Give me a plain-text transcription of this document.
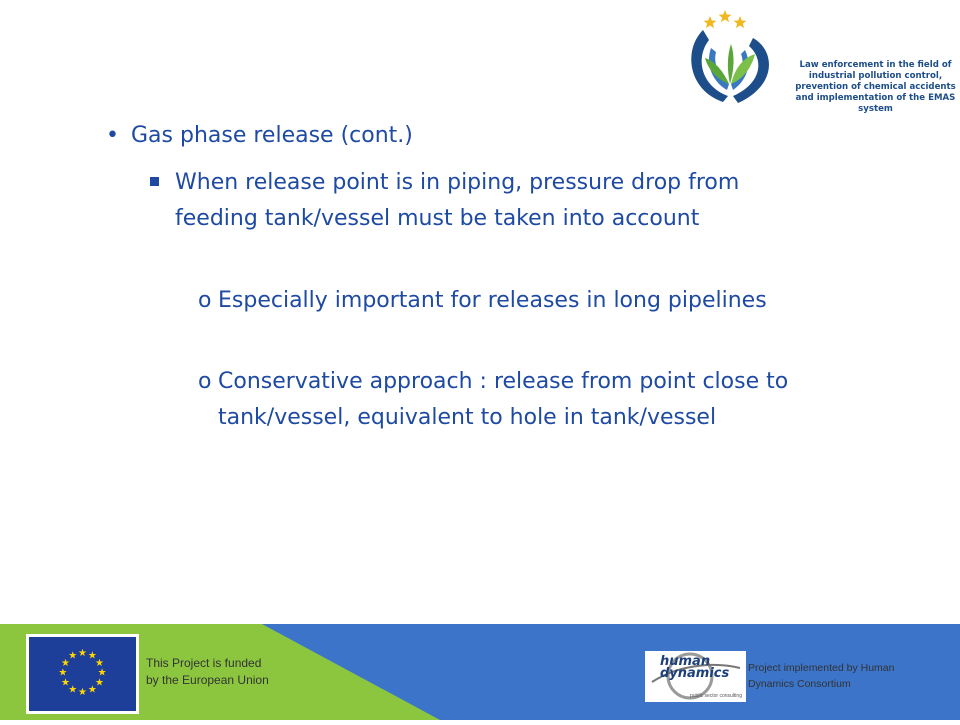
Law enforcement in the field of
industrial pollution control,
prevention of chemical accidents
and implementation of the EMAS system
• Gas phase release (cont.)
When release point is in piping, pressure drop from feeding tank/vessel must be taken into account
o Especially important for releases in long pipelines
o Conservative approach : release from point close to tank/vessel, equivalent to hole in tank/vessel
★ ★
★
★
★
★
★
★
★
★
★
★	human
dynamics
public sector consulting
This Project is funded
by the European Union
Project implemented by Human
Dynamics Consortium
